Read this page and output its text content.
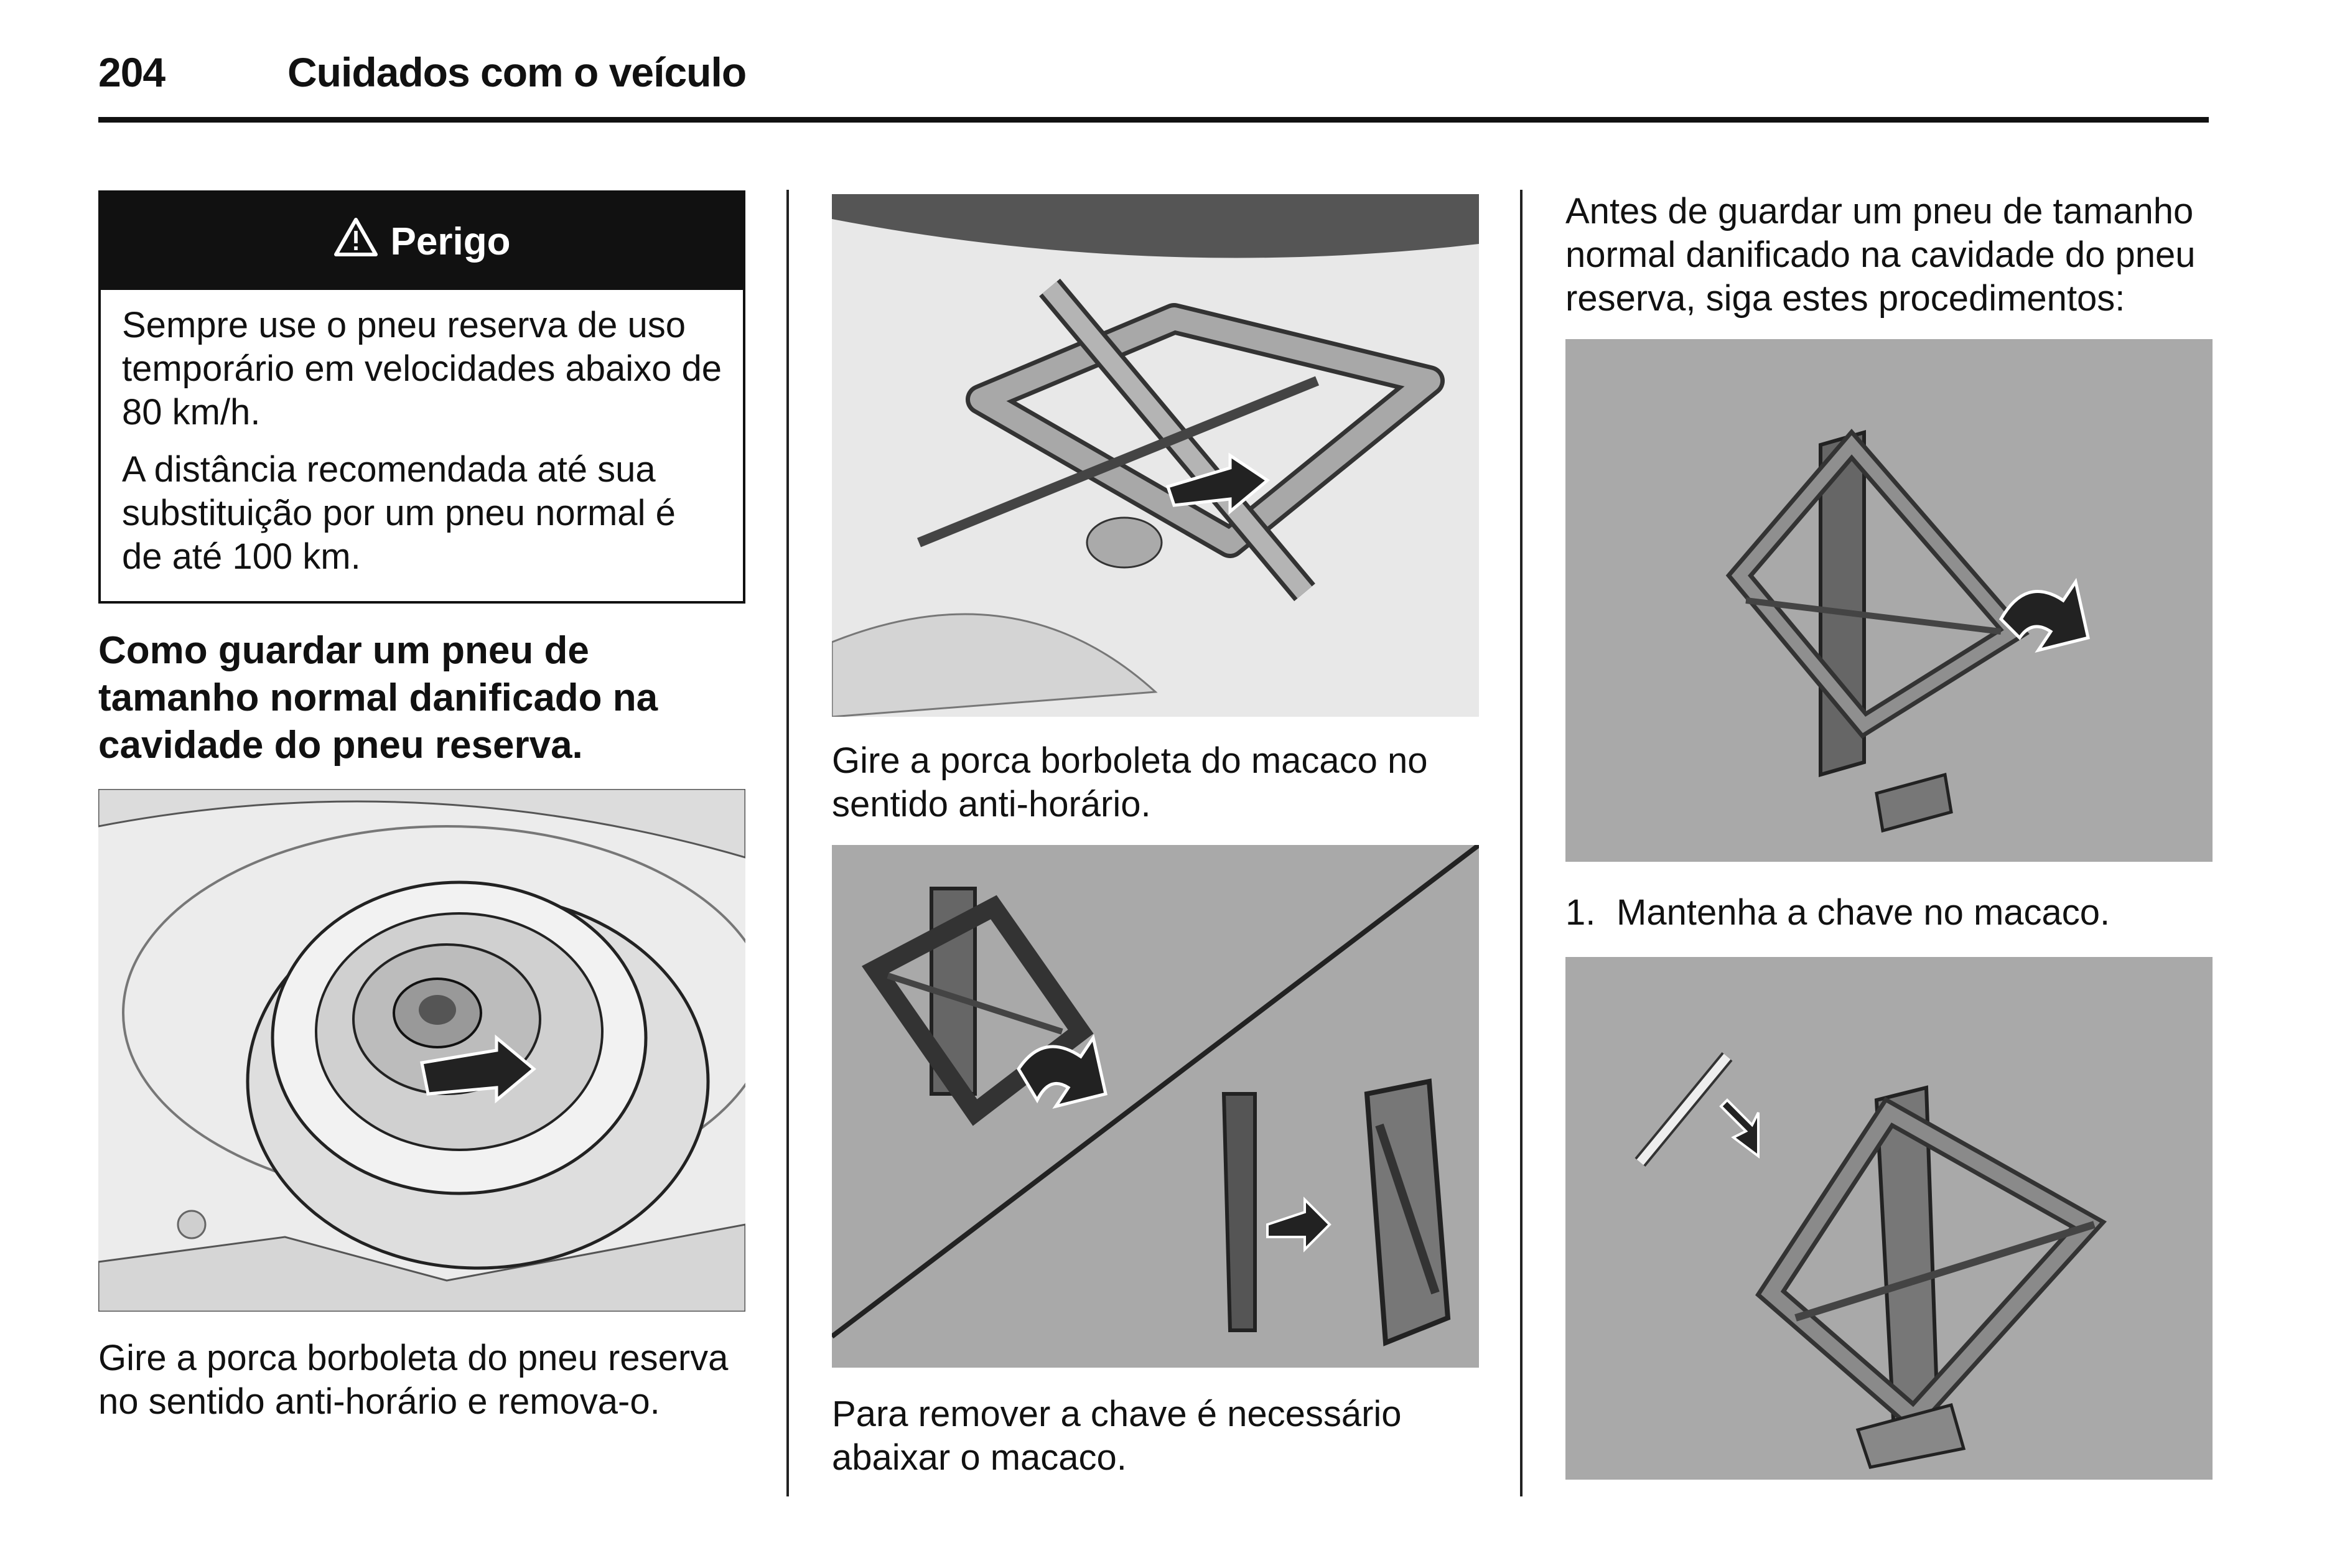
204	Cuidados com o veículo
Perigo
Sempre use o pneu reserva de uso temporário em velocidades abaixo de 80 km/h.
A distância recomendada até sua substituição por um pneu normal é de até 100 km.
Como guardar um pneu de tamanho normal danificado na cavidade do pneu reserva.
Gire a porca borboleta do pneu reserva no sentido anti-horário e remova-o.
Gire a porca borboleta do macaco no sentido anti-horário.
Para remover a chave é necessário abaixar o macaco.
Antes de guardar um pneu de tamanho normal danificado na cavidade do pneu reserva, siga estes procedimentos:
1. Mantenha a chave no macaco.
